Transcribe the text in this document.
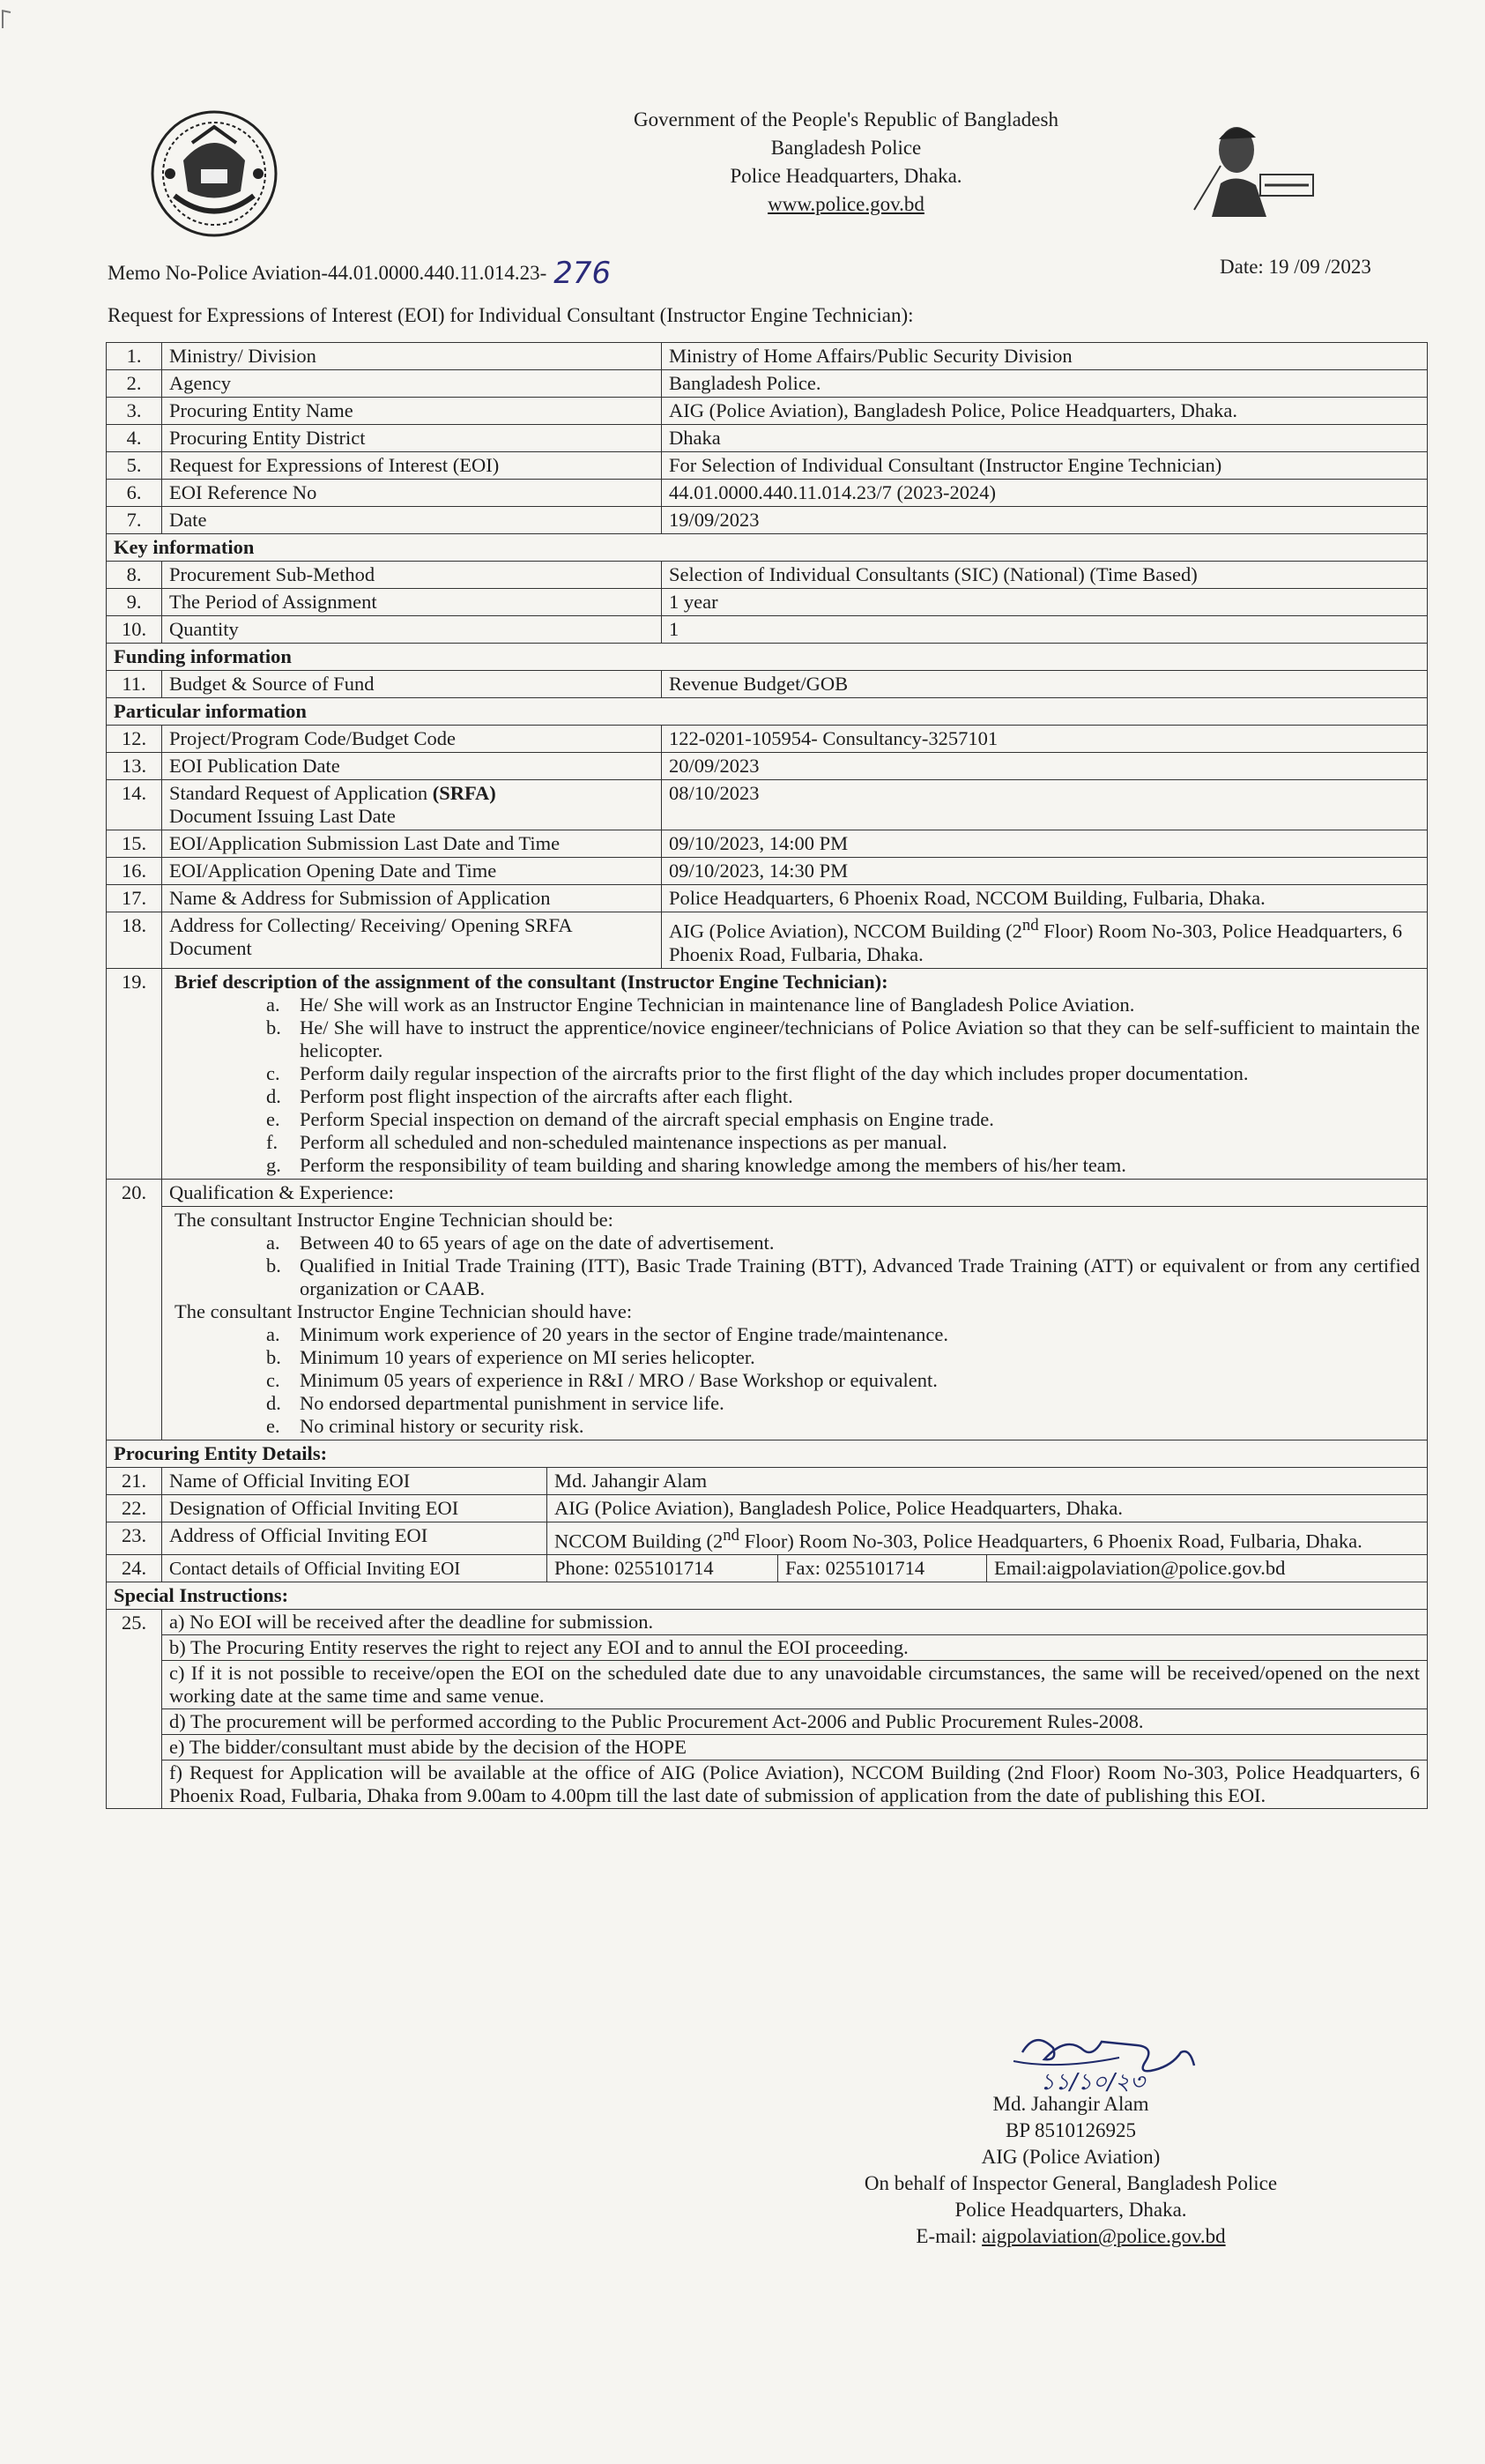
Government of the People's Republic of Bangladesh
Bangladesh Police
Police Headquarters, Dhaka.
www.police.gov.bd
Memo No-Police Aviation-44.01.0000.440.11.014.23- 276	Date: 19 /09 /2023
Request for Expressions of Interest (EOI) for Individual Consultant (Instructor Engine Technician):
1.	Ministry/ Division	Ministry of Home Affairs/Public Security Division
2.	Agency	Bangladesh Police.
3.	Procuring Entity Name	AIG (Police Aviation), Bangladesh Police, Police Headquarters, Dhaka.
4.	Procuring Entity District	Dhaka
5.	Request for Expressions of Interest (EOI)	For Selection of Individual Consultant (Instructor Engine Technician)
6.	EOI Reference No	44.01.0000.440.11.014.23/7 (2023-2024)
7.	Date	19/09/2023
Key information
8.	Procurement Sub-Method	Selection of Individual Consultants (SIC) (National) (Time Based)
9.	The Period of Assignment	1 year
10.	Quantity	1
Funding information
11.	Budget & Source of Fund	Revenue Budget/GOB
Particular information
12.	Project/Program Code/Budget Code	122-0201-105954- Consultancy-3257101
13.	EOI Publication Date	20/09/2023
14.	Standard Request of Application (SRFA)
Document Issuing Last Date	08/10/2023
15.	EOI/Application Submission Last Date and Time	09/10/2023, 14:00 PM
16.	EOI/Application Opening Date and Time	09/10/2023, 14:30 PM
17.	Name & Address for Submission of Application	Police Headquarters, 6 Phoenix Road, NCCOM Building, Fulbaria, Dhaka.
18.	Address for Collecting/ Receiving/ Opening SRFA Document	AIG (Police Aviation), NCCOM Building (2nd Floor) Room No-303, Police Headquarters, 6 Phoenix Road, Fulbaria, Dhaka.
19.	Brief description of the assignment of the consultant (Instructor Engine Technician):
a. He/ She will work as an Instructor Engine Technician in maintenance line of Bangladesh Police Aviation.
b. He/ She will have to instruct the apprentice/novice engineer/technicians of Police Aviation so that they can be self-sufficient to maintain the helicopter.
c. Perform daily regular inspection of the aircrafts prior to the first flight of the day which includes proper documentation.
d. Perform post flight inspection of the aircrafts after each flight.
e. Perform Special inspection on demand of the aircraft special emphasis on Engine trade.
f. Perform all scheduled and non-scheduled maintenance inspections as per manual.
g. Perform the responsibility of team building and sharing knowledge among the members of his/her team.

20.	Qualification & Experience:
The consultant Instructor Engine Technician should be:
a. Between 40 to 65 years of age on the date of advertisement.
b. Qualified in Initial Trade Training (ITT), Basic Trade Training (BTT), Advanced Trade Training (ATT) or equivalent or from any certified organization or CAAB.
The consultant Instructor Engine Technician should have:
a. Minimum work experience of 20 years in the sector of Engine trade/maintenance.
b. Minimum 10 years of experience on MI series helicopter.
c. Minimum 05 years of experience in R&I / MRO / Base Workshop or equivalent.
d. No endorsed departmental punishment in service life.
e. No criminal history or security risk.

Procuring Entity Details:
21.	Name of Official Inviting EOI	Md. Jahangir Alam

22.	Designation of Official Inviting EOI	AIG (Police Aviation), Bangladesh Police, Police Headquarters, Dhaka.

23.	Address of Official Inviting EOI	NCCOM Building (2nd Floor) Room No-303, Police Headquarters, 6 Phoenix Road, Fulbaria, Dhaka.

24.	Contact details of Official Inviting EOI	Phone: 0255101714	Fax: 0255101714	Email:aigpolaviation@police.gov.bd

Special Instructions:
25.	a) No EOI will be received after the deadline for submission.
b) The Procuring Entity reserves the right to reject any EOI and to annul the EOI proceeding.
c) If it is not possible to receive/open the EOI on the scheduled date due to any unavoidable circumstances, the same will be received/opened on the next working date at the same time and same venue.
d) The procurement will be performed according to the Public Procurement Act-2006 and Public Procurement Rules-2008.
e) The bidder/consultant must abide by the decision of the HOPE
f) Request for Application will be available at the office of AIG (Police Aviation), NCCOM Building (2nd Floor) Room No-303, Police Headquarters, 6 Phoenix Road, Fulbaria, Dhaka from 9.00am to 4.00pm till the last date of submission of application from the date of publishing this EOI.
১১/১০/২৩
Md. Jahangir Alam
BP 8510126925
AIG (Police Aviation)
On behalf of Inspector General, Bangladesh Police
Police Headquarters, Dhaka.
E-mail: aigpolaviation@police.gov.bd
